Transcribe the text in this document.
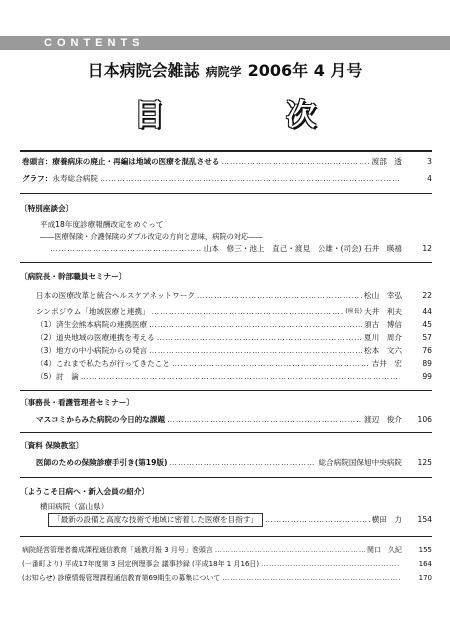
CONTENTS
日本病院会雑誌 病院学 2006年 4 月号
目　次
巻頭言： 療養病床の廃止・再編は地域の医療を混乱させる ……………………………………………………………………………………………………………………………………………………………………………………	渡部　透	3
グラフ： 永寿総合病院 ……………………………………………………………………………………………………………………………………………………………………………………	4
〔 特別座談会 〕
平成18年度診療報酬改定をめぐって
――医療保険・介護保険のダブル改定の方向と意味，病院の対応――
……………………………………………………………………………………………………………………………………………………………………………………
山本　修三・池上　直己・渡見　公雄・(司会) 石井　暎禧	12
〔 病院長・幹部職員セミナー 〕
日本の医療改革と統合ヘルスケアネットワーク ……………………………………………………………………………………………………………………………………………………………………………………	松山　幸弘	22
シンポジウム「地域医療と連携」 ……………………………………………………………………………………………………………………………………………………………………………………	(座長) 大井　利夫	44
（1）済生会熊本病院の連携医療 ……………………………………………………………………………………………………………………………………………………………………………………	須古　博信	45
（2）道央地域の医療連携を考える ……………………………………………………………………………………………………………………………………………………………………………………	夏川　周介	57
（3）地方の中小病院からの発言 ……………………………………………………………………………………………………………………………………………………………………………………	松本　文六	76
（4）これまで私たちが行ってきたこと ……………………………………………………………………………………………………………………………………………………………………………………	吉井　宏	89
（5）討　論 ……………………………………………………………………………………………………………………………………………………………………………………	99
〔 事務長・看護管理者セミナー 〕
マスコミからみた病院の今日的な課題 ……………………………………………………………………………………………………………………………………………………………………………………	渡辺　俊介	106
〔 資料 保険教室 〕
医師のための保険診療手引き(第19版) ……………………………………………………………………………………………………………………………………………………………………………………	総合病院国保旭中央病院	125
〔 ようこそ日病へ・新入会員の紹介 〕
横田病院（富山県）
「最新の設備と高度な技術で地域に密着した医療を目指す」 ……………………………………………………………………………………………………………………………………………………………………………………	横田　力	154
病院経営管理者養成課程通信教育「通教月報 3 月号」巻頭言 ……………………………………………………………………………………………………………………………………………………………………………………	関口　久紀	155
(一番町より) 平成17年度第 3 回定例理事会 議事抄録 (平成18年 1 月16日) ……………………………………………………………………………………………………………………………………………………………………………………	164
(お知らせ) 診療情報管理課程通信教育第69期生の募集について ……………………………………………………………………………………………………………………………………………………………………………………	170
